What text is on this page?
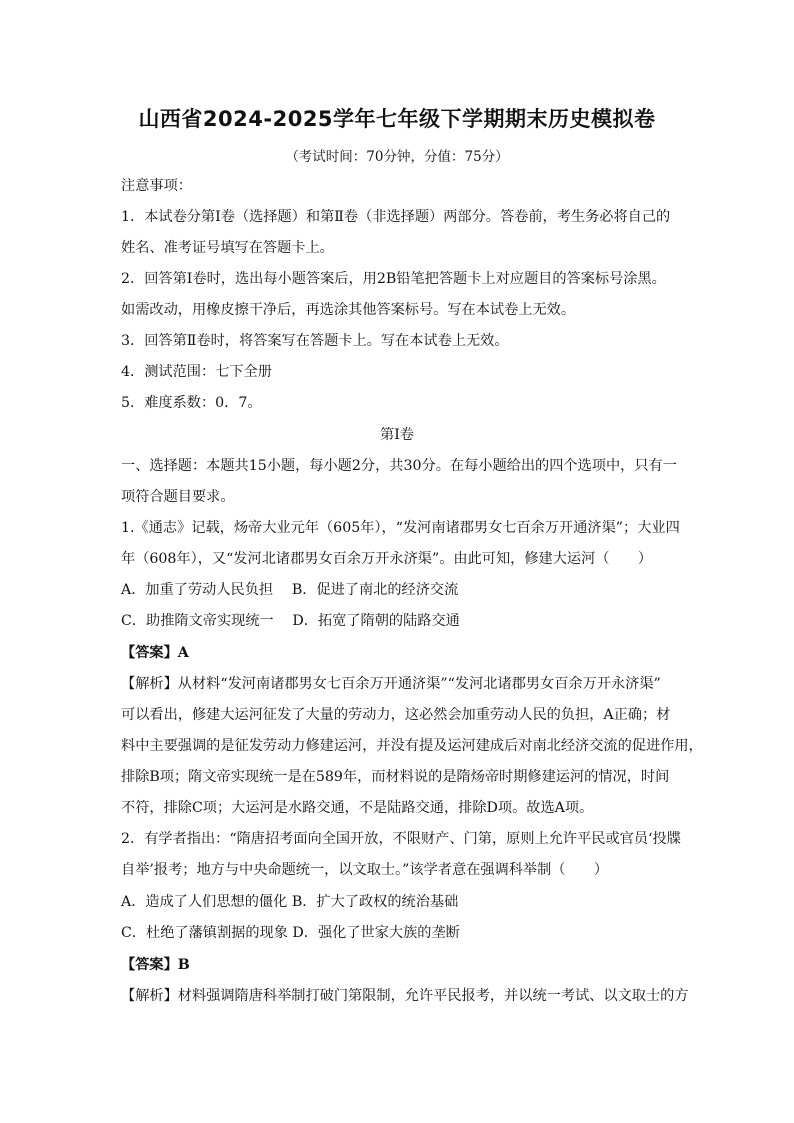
山西省2024-2025学年七年级下学期期末历史模拟卷
（考试时间：70分钟，分值：75分）
注意事项：
1．本试卷分第Ⅰ卷（选择题）和第Ⅱ卷（非选择题）两部分。答卷前，考生务必将自己的
姓名、准考证号填写在答题卡上。
2．回答第Ⅰ卷时，选出每小题答案后，用2B铅笔把答题卡上对应题目的答案标号涂黑。
如需改动，用橡皮擦干净后，再选涂其他答案标号。写在本试卷上无效。
3．回答第Ⅱ卷时，将答案写在答题卡上。写在本试卷上无效。
4．测试范围：七下全册
5．难度系数：0．7。
第Ⅰ卷
一、选择题：本题共15小题，每小题2分，共30分。在每小题给出的四个选项中，只有一
项符合题目要求。
1.《通志》记载，炀帝大业元年（605年），“发河南诸郡男女七百余万开通济渠”；大业四
年（608年），又“发河北诸郡男女百余万开永济渠”。由此可知，修建大运河（　　）
A．加重了劳动人民负担　 B．促进了南北的经济交流
C．助推隋文帝实现统一　 D．拓宽了隋朝的陆路交通
【答案】A
【解析】从材料“发河南诸郡男女七百余万开通济渠”“发河北诸郡男女百余万开永济渠”
可以看出，修建大运河征发了大量的劳动力，这必然会加重劳动人民的负担，A正确；材
料中主要强调的是征发劳动力修建运河，并没有提及运河建成后对南北经济交流的促进作用，
排除B项；隋文帝实现统一是在589年，而材料说的是隋炀帝时期修建运河的情况，时间
不符，排除C项；大运河是水路交通，不是陆路交通，排除D项。故选A项。
2．有学者指出：“隋唐招考面向全国开放，不限财产、门第，原则上允许平民或官员‘投牒
自举’报考；地方与中央命题统一，以文取士。”该学者意在强调科举制（　　）
A．造成了人们思想的僵化 B．扩大了政权的统治基础
C．杜绝了藩镇割据的现象 D．强化了世家大族的垄断
【答案】B
【解析】材料强调隋唐科举制打破门第限制，允许平民报考，并以统一考试、以文取士的方
